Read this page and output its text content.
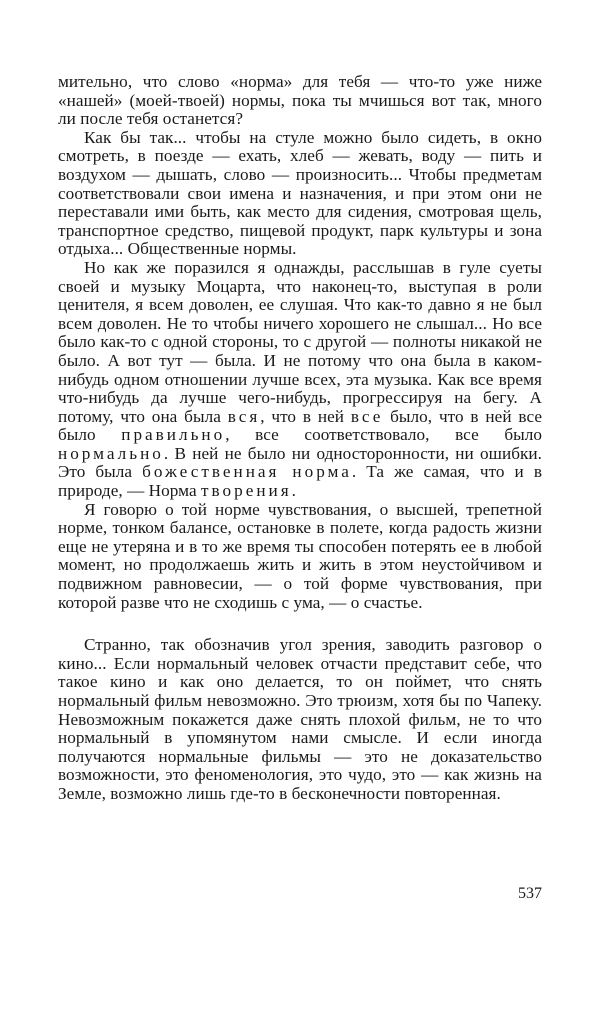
мительно, что слово «норма» для тебя — что-то уже ниже «нашей» (моей-твоей) нормы, пока ты мчишься вот так, много ли после тебя останется?

Как бы так... чтобы на стуле можно было сидеть, в окно смотреть, в поезде — ехать, хлеб — жевать, воду — пить и воздухом — дышать, слово — произносить... Чтобы предметам соответствовали свои имена и назначения, и при этом они не переставали ими быть, как место для сидения, смотровая щель, транспортное средство, пищевой продукт, парк культуры и зона отдыха... Общественные нормы.

Но как же поразился я однажды, расслышав в гуле суеты своей и музыку Моцарта, что наконец-то, выступая в роли ценителя, я всем доволен, ее слушая. Что как-то давно я не был всем доволен. Не то чтобы ничего хорошего не слышал... Но все было как-то с одной стороны, то с другой — полноты никакой не было. А вот тут — была. И не потому что она была в каком-нибудь одном отношении лучше всех, эта музыка. Как все время что-нибудь да лучше чего-нибудь, прогрессируя на бегу. А потому, что она была вся, что в ней все было, что в ней все было правильно, все соответствовало, все было нормально. В ней не было ни односторонности, ни ошибки. Это была божественная норма. Та же самая, что и в природе, — Норма творения.

Я говорю о той норме чувствования, о высшей, трепетной норме, тонком балансе, остановке в полете, когда радость жизни еще не утеряна и в то же время ты способен потерять ее в любой момент, но продолжаешь жить и жить в этом неустойчивом и подвижном равновесии, — о той форме чувствования, при которой разве что не сходишь с ума, — о счастье.

Странно, так обозначив угол зрения, заводить разговор о кино... Если нормальный человек отчасти представит себе, что такое кино и как оно делается, то он поймет, что снять нормальный фильм невозможно. Это трюизм, хотя бы по Чапеку. Невозможным покажется даже снять плохой фильм, не то что нормальный в упомянутом нами смысле. И если иногда получаются нормальные фильмы — это не доказательство возможности, это феноменология, это чудо, это — как жизнь на Земле, возможно лишь где-то в бесконечности повторенная.

537
